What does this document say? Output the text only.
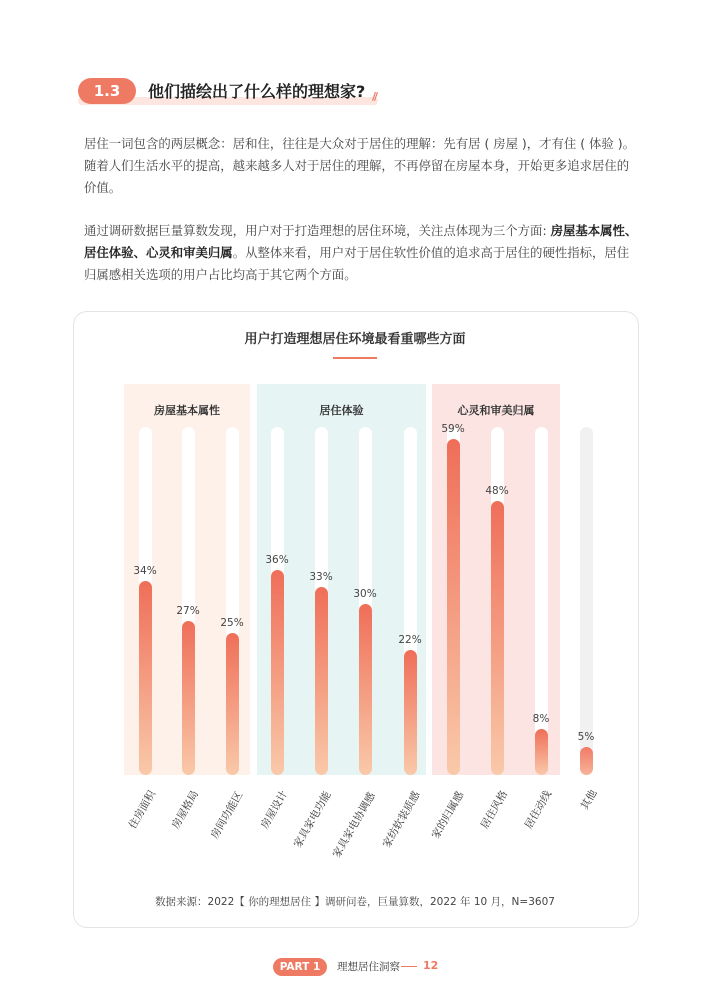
1.3	他们描绘出了什么样的理想家? //
居住一词包含的两层概念：居和住，往往是大众对于居住的理解：先有居 ( 房屋 )，才有住 ( 体验 )。
随着人们生活水平的提高，越来越多人对于居住的理解，不再停留在房屋本身，开始更多追求居住的
价值。
通过调研数据巨量算数发现，用户对于打造理想的居住环境，关注点体现为三个方面: 房屋基本属性、
居住体验、心灵和审美归属。从整体来看，用户对于居住软性价值的追求高于居住的硬性指标，居住
归属感相关选项的用户占比均高于其它两个方面。
用户打造理想居住环境最看重哪些方面
房屋基本属性	居住体验	心灵和审美归属
34%
住房面积
27%
房屋格局
25%
房间功能区
36%
房屋设计
33%
家具家电功能
30%
家具家电协调感
22%
家纺软装质感
59%
家的归属感
48%
居住风格
8%
居住动线
5%
其他
数据来源：2022【 你的理想居住 】调研问卷，巨量算数，2022 年 10 月，N=3607
PART 1	理想居住洞察 12
